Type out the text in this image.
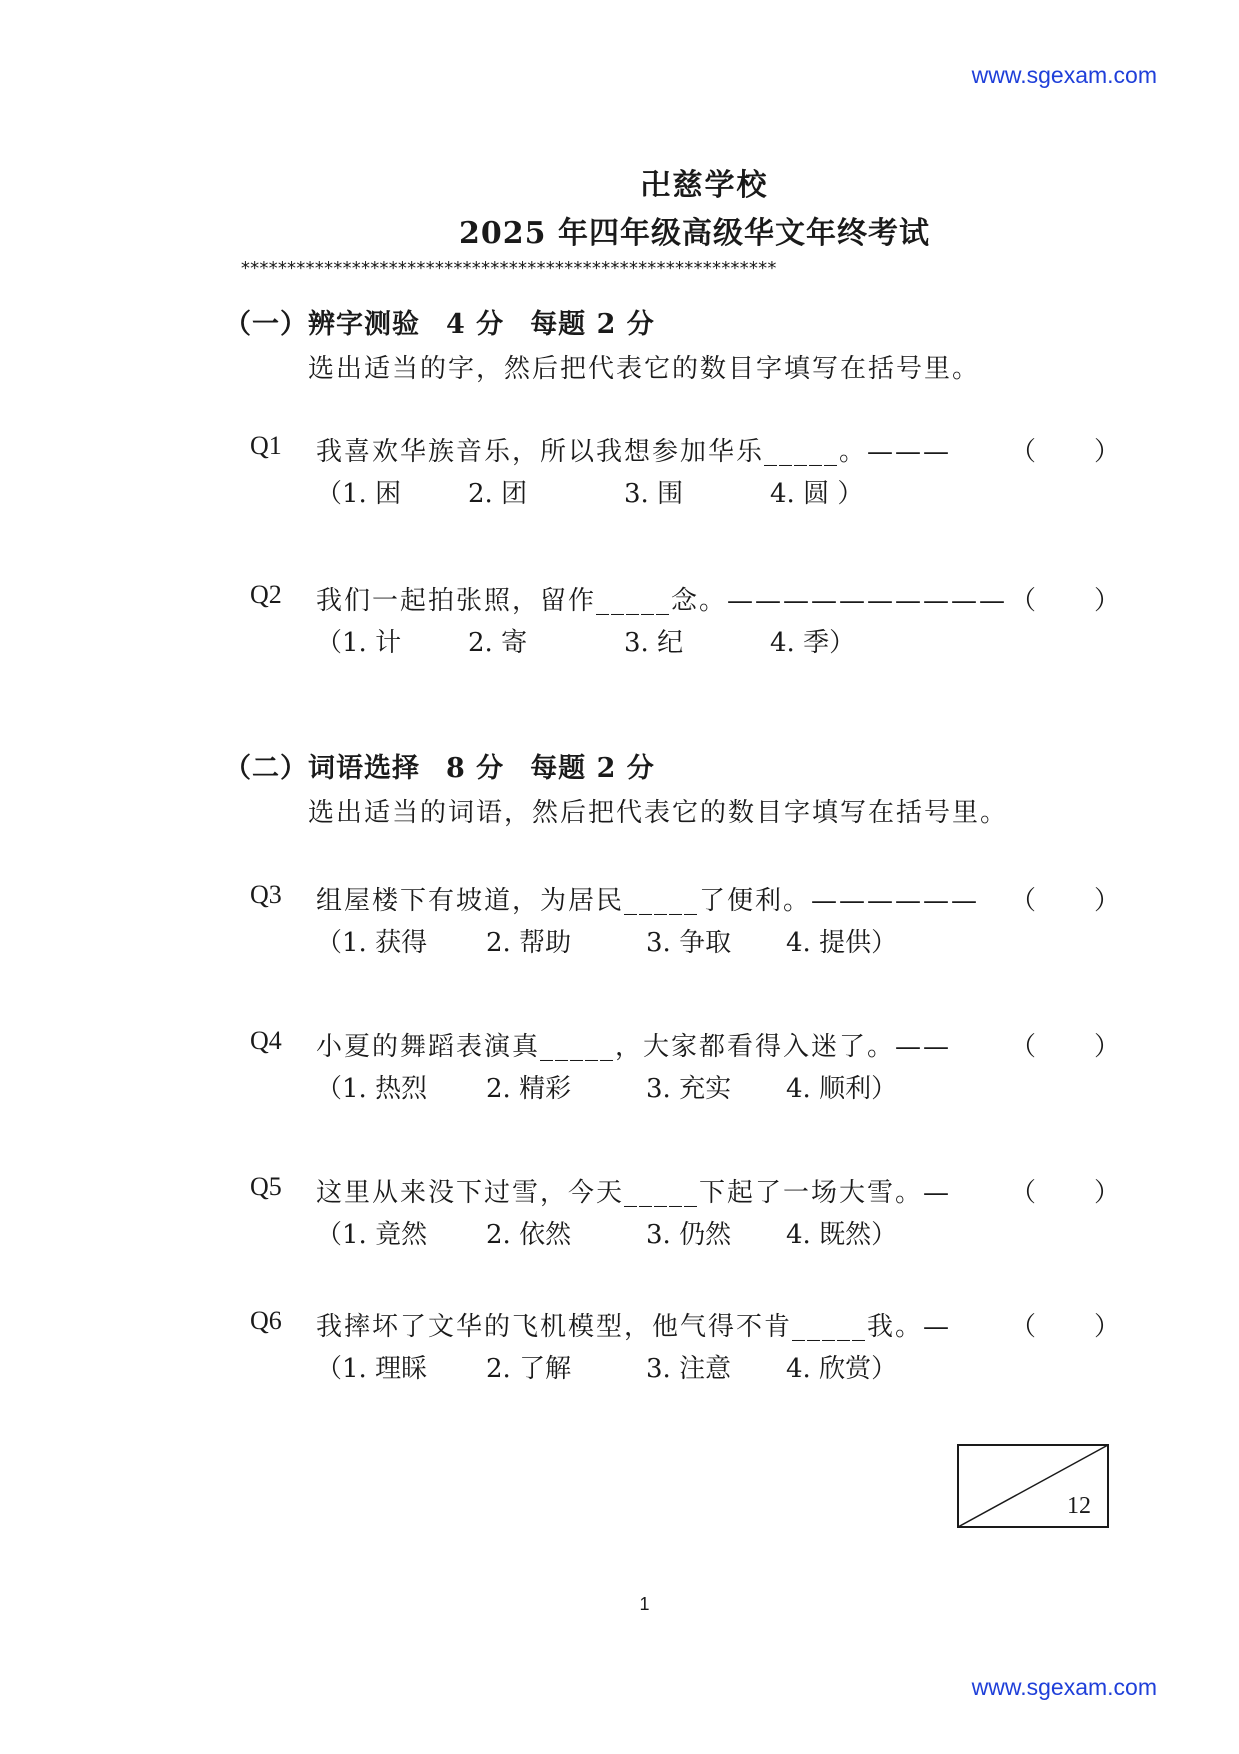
www.sgexam.com
卍慈学校
2025 年四年级高级华文年终考试
**********************************************************
（一）辨字测验 4 分 每题 2 分
选出适当的字，然后把代表它的数目字填写在括号里。
Q1 我喜欢华族音乐，所以我想参加华乐_____。——— （ ）
（1. 困	2. 团	3. 围	4. 圆 ）
Q2 我们一起拍张照，留作_____念。—————————— （ ）
（1. 计	2. 寄	3. 纪	4. 季）
（二）词语选择 8 分 每题 2 分
选出适当的词语，然后把代表它的数目字填写在括号里。
Q3 组屋楼下有坡道，为居民_____了便利。—————— （ ）
（1. 获得 2. 帮助	3. 争取 4. 提供）
Q4 小夏的舞蹈表演真_____，大家都看得入迷了。—— （ ）
（1. 热烈 2. 精彩	3. 充实 4. 顺利）
Q5 这里从来没下过雪，今天_____下起了一场大雪。— （ ）
（1. 竟然 2. 依然	3. 仍然 4. 既然）
Q6 我摔坏了文华的飞机模型，他气得不肯_____我。— （ ）
（1. 理睬 2. 了解	3. 注意 4. 欣赏）
12
1
www.sgexam.com
